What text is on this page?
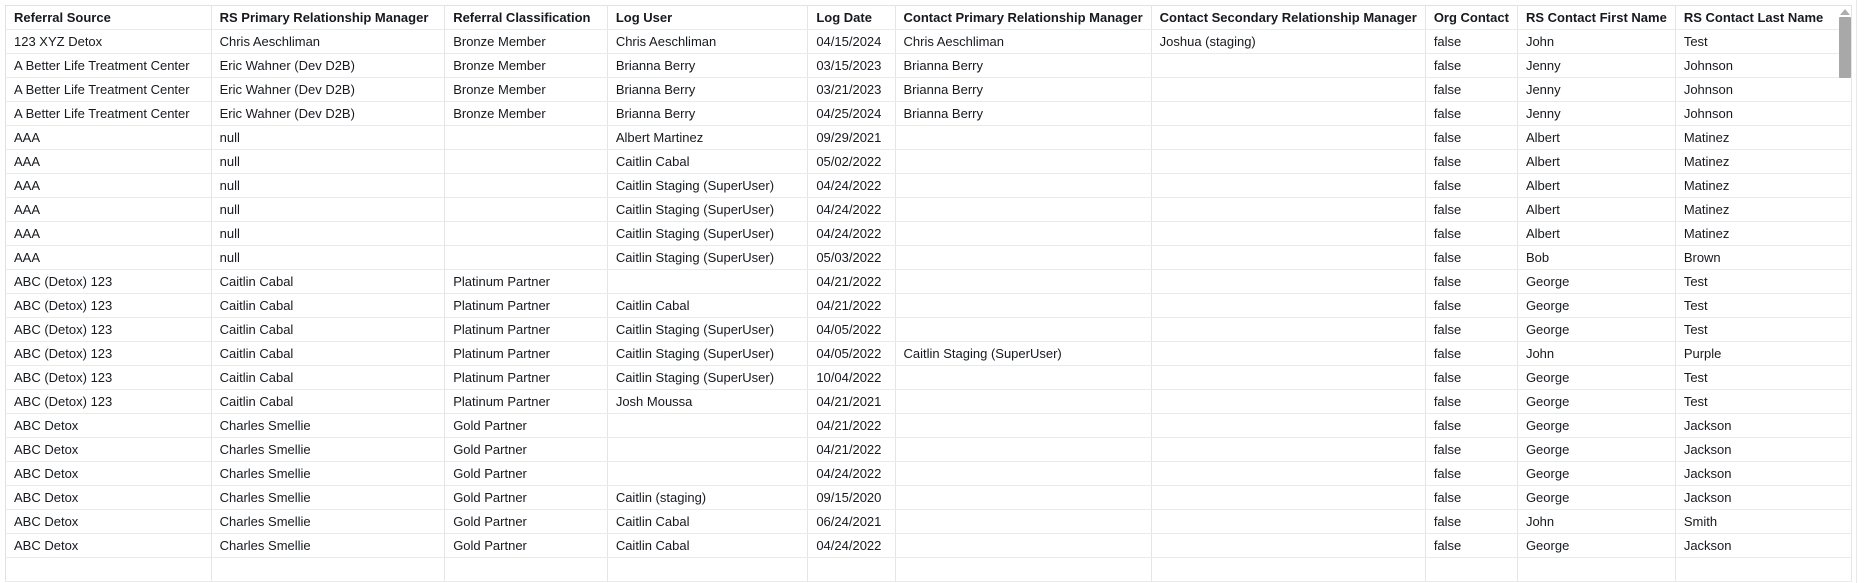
Referral Source	RS Primary Relationship Manager	Referral Classification	Log User	Log Date	Contact Primary Relationship Manager	Contact Secondary Relationship Manager	Org Contact	RS Contact First Name	RS Contact Last Name
123 XYZ Detox	Chris Aeschliman	Bronze Member	Chris Aeschliman	04/15/2024	Chris Aeschliman	Joshua (staging)	false	John	Test
A Better Life Treatment Center	Eric Wahner (Dev D2B)	Bronze Member	Brianna Berry	03/15/2023	Brianna Berry		false	Jenny	Johnson
A Better Life Treatment Center	Eric Wahner (Dev D2B)	Bronze Member	Brianna Berry	03/21/2023	Brianna Berry		false	Jenny	Johnson
A Better Life Treatment Center	Eric Wahner (Dev D2B)	Bronze Member	Brianna Berry	04/25/2024	Brianna Berry		false	Jenny	Johnson
AAA	null		Albert Martinez	09/29/2021			false	Albert	Matinez
AAA	null		Caitlin Cabal	05/02/2022			false	Albert	Matinez
AAA	null		Caitlin Staging (SuperUser)	04/24/2022			false	Albert	Matinez
AAA	null		Caitlin Staging (SuperUser)	04/24/2022			false	Albert	Matinez
AAA	null		Caitlin Staging (SuperUser)	04/24/2022			false	Albert	Matinez
AAA	null		Caitlin Staging (SuperUser)	05/03/2022			false	Bob	Brown
ABC (Detox) 123	Caitlin Cabal	Platinum Partner		04/21/2022			false	George	Test
ABC (Detox) 123	Caitlin Cabal	Platinum Partner	Caitlin Cabal	04/21/2022			false	George	Test
ABC (Detox) 123	Caitlin Cabal	Platinum Partner	Caitlin Staging (SuperUser)	04/05/2022			false	George	Test
ABC (Detox) 123	Caitlin Cabal	Platinum Partner	Caitlin Staging (SuperUser)	04/05/2022	Caitlin Staging (SuperUser)		false	John	Purple
ABC (Detox) 123	Caitlin Cabal	Platinum Partner	Caitlin Staging (SuperUser)	10/04/2022			false	George	Test
ABC (Detox) 123	Caitlin Cabal	Platinum Partner	Josh Moussa	04/21/2021			false	George	Test
ABC Detox	Charles Smellie	Gold Partner		04/21/2022			false	George	Jackson
ABC Detox	Charles Smellie	Gold Partner		04/21/2022			false	George	Jackson
ABC Detox	Charles Smellie	Gold Partner		04/24/2022			false	George	Jackson
ABC Detox	Charles Smellie	Gold Partner	Caitlin (staging)	09/15/2020			false	George	Jackson
ABC Detox	Charles Smellie	Gold Partner	Caitlin Cabal	06/24/2021			false	John	Smith
ABC Detox	Charles Smellie	Gold Partner	Caitlin Cabal	04/24/2022			false	George	Jackson
